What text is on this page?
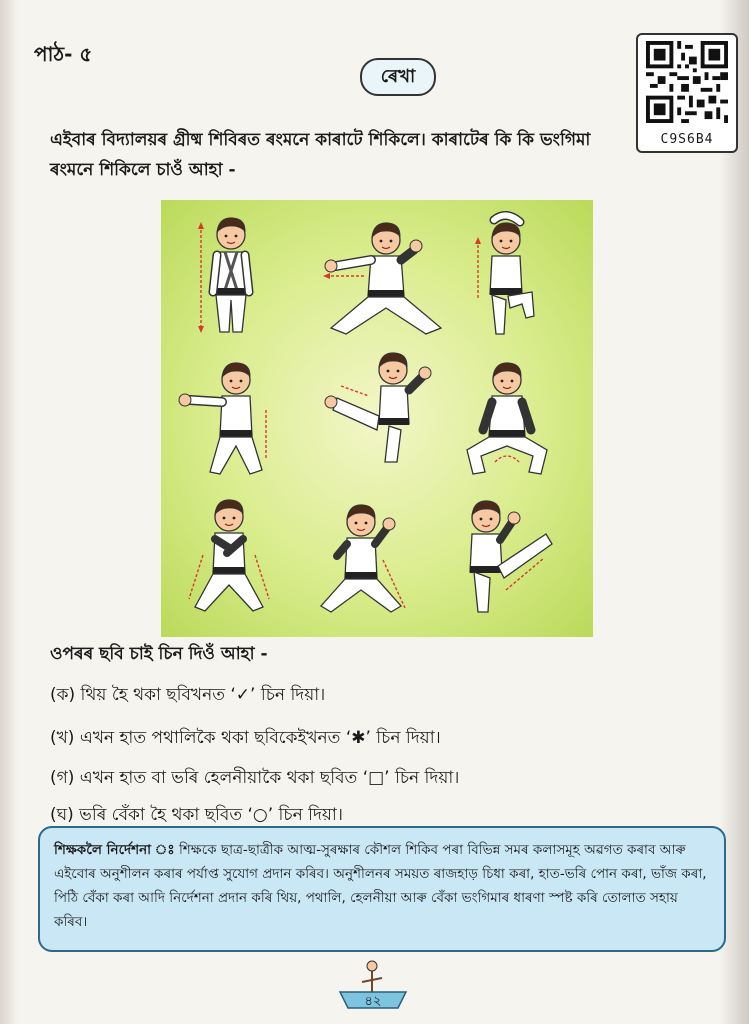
পাঠ- ৫
ৰেখা
C9S6B4
এইবাৰ বিদ্যালয়ৰ গ্ৰীষ্ম শিবিৰত ৰংমনে কাৰাটে শিকিলে। কাৰাটেৰ কি কি ভংগিমা ৰংমনে শিকিলে চাওঁ আহা -
ওপৰৰ ছবি চাই চিন দিওঁ আহা -
(ক) থিয় হৈ থকা ছবিখনত ‘✓’ চিন দিয়া।
(খ) এখন হাত পথালিকৈ থকা ছবিকেইখনত ‘✱’ চিন দিয়া।
(গ) এখন হাত বা ভৰি হেলনীয়াকৈ থকা ছবিত ‘□’ চিন দিয়া।
(ঘ) ভৰি বেঁকা হৈ থকা ছবিত ‘○’ চিন দিয়া।
শিক্ষকলৈ নিৰ্দেশনা ঃ শিক্ষকে ছাত্ৰ-ছাত্ৰীক আত্ম-সুৰক্ষাৰ কৌশল শিকিব পৰা বিভিন্ন সমৰ কলাসমূহ অৱগত কৰাব আৰু এইবোৰ অনুশীলন কৰাৰ পৰ্যাপ্ত সুযোগ প্ৰদান কৰিব। অনুশীলনৰ সময়ত ৰাজহাড় চিধা কৰা, হাত-ভৰি পোন কৰা, ভাঁজ কৰা, পিঠি বেঁকা কৰা আদি নিৰ্দেশনা প্ৰদান কৰি থিয়, পথালি, হেলনীয়া আৰু বেঁকা ভংগিমাৰ ধাৰণা স্পষ্ট কৰি তোলাত সহায় কৰিব।
৪২
